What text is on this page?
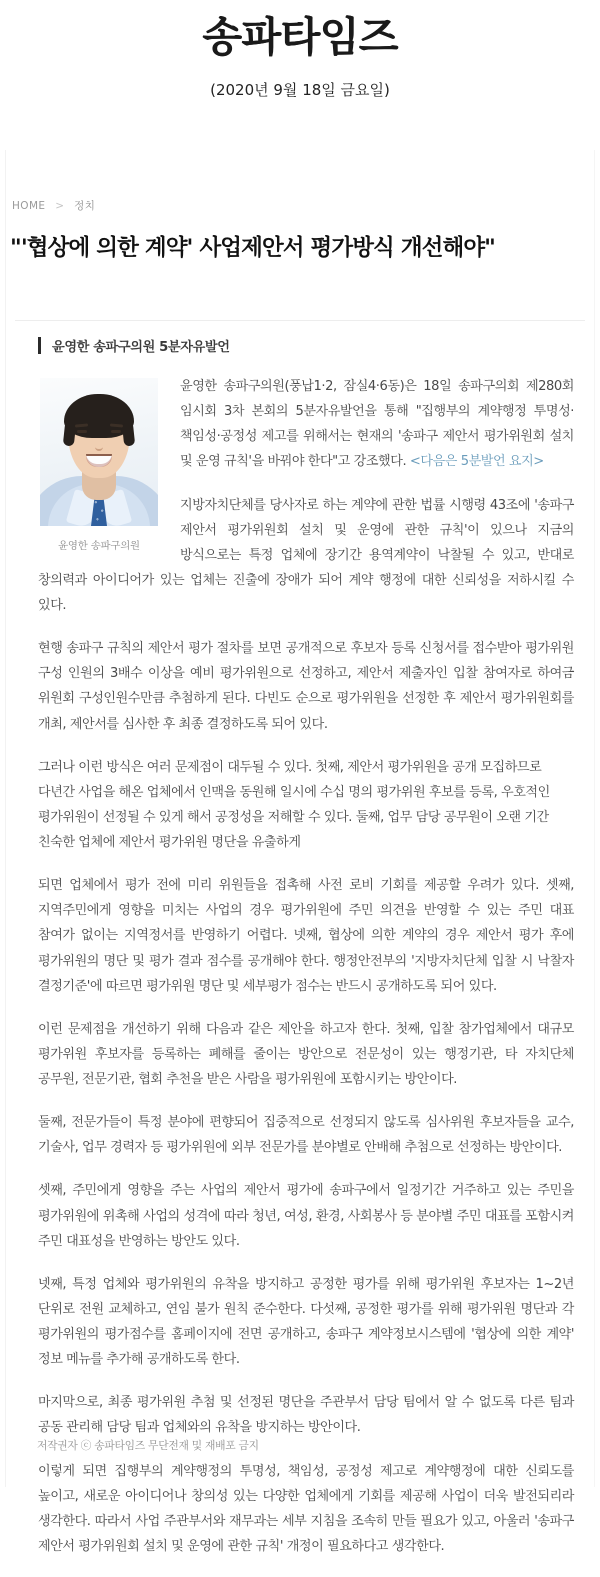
송파타임즈
(2020년 9월 18일 금요일)
HOME > 정치
"'협상에 의한 계약' 사업제안서 평가방식 개선해야"
윤영한 송파구의원 5분자유발언
윤영한 송파구의원

윤영한 송파구의원(풍납1·2, 잠실4·6동)은 18일 송파구의회 제280회 임시회 3차 본회의 5분자유발언을 통해 "집행부의 계약행정 투명성·책임성·공정성 제고를 위해서는 현재의 '송파구 제안서 평가위원회 설치 및 운영 규칙'을 바꿔야 한다"고 강조했다. <다음은 5분발언 요지>

지방자치단체를 당사자로 하는 계약에 관한 법률 시행령 43조에 '송파구 제안서 평가위원회 설치 및 운영에 관한 규칙'이 있으나 지금의 방식으로는 특정 업체에 장기간 용역계약이 낙찰될 수 있고, 반대로 창의력과 아이디어가 있는 업체는 진출에 장애가 되어 계약 행정에 대한 신뢰성을 저하시킬 수 있다.

현행 송파구 규칙의 제안서 평가 절차를 보면 공개적으로 후보자 등록 신청서를 접수받아 평가위원 구성 인원의 3배수 이상을 예비 평가위원으로 선정하고, 제안서 제출자인 입찰 참여자로 하여금 위원회 구성인원수만큼 추첨하게 된다. 다빈도 순으로 평가위원을 선정한 후 제안서 평가위원회를 개최, 제안서를 심사한 후 최종 결정하도록 되어 있다.

그러나 이런 방식은 여러 문제점이 대두될 수 있다. 첫째, 제안서 평가위원을 공개 모집하므로 다년간 사업을 해온 업체에서 인맥을 동원해 일시에 수십 명의 평가위원 후보를 등록, 우호적인 평가위원이 선정될 수 있게 해서 공정성을 저해할 수 있다. 둘째, 업무 담당 공무원이 오랜 기간 친숙한 업체에 제안서 평가위원 명단을 유출하게

되면 업체에서 평가 전에 미리 위원들을 접촉해 사전 로비 기회를 제공할 우려가 있다. 셋째, 지역주민에게 영향을 미치는 사업의 경우 평가위원에 주민 의견을 반영할 수 있는 주민 대표 참여가 없이는 지역정서를 반영하기 어렵다. 넷째, 협상에 의한 계약의 경우 제안서 평가 후에 평가위원의 명단 및 평가 결과 점수를 공개해야 한다. 행정안전부의 '지방자치단체 입찰 시 낙찰자 결정기준'에 따르면 평가위원 명단 및 세부평가 점수는 반드시 공개하도록 되어 있다.

이런 문제점을 개선하기 위해 다음과 같은 제안을 하고자 한다. 첫째, 입찰 참가업체에서 대규모 평가위원 후보자를 등록하는 폐해를 줄이는 방안으로 전문성이 있는 행정기관, 타 자치단체 공무원, 전문기관, 협회 추천을 받은 사람을 평가위원에 포함시키는 방안이다.

둘째, 전문가들이 특정 분야에 편향되어 집중적으로 선정되지 않도록 심사위원 후보자들을 교수, 기술사, 업무 경력자 등 평가위원에 외부 전문가를 분야별로 안배해 추첨으로 선정하는 방안이다.

셋째, 주민에게 영향을 주는 사업의 제안서 평가에 송파구에서 일정기간 거주하고 있는 주민을 평가위원에 위촉해 사업의 성격에 따라 청년, 여성, 환경, 사회봉사 등 분야별 주민 대표를 포함시켜 주민 대표성을 반영하는 방안도 있다.

넷째, 특정 업체와 평가위원의 유착을 방지하고 공정한 평가를 위해 평가위원 후보자는 1~2년 단위로 전원 교체하고, 연임 불가 원칙 준수한다. 다섯째, 공정한 평가를 위해 평가위원 명단과 각 평가위원의 평가점수를 홈페이지에 전면 공개하고, 송파구 계약정보시스템에 '협상에 의한 계약' 정보 메뉴를 추가해 공개하도록 한다.

마지막으로, 최종 평가위원 추첨 및 선정된 명단을 주관부서 담당 팀에서 알 수 없도록 다른 팀과 공동 관리해 담당 팀과 업체와의 유착을 방지하는 방안이다.

이렇게 되면 집행부의 계약행정의 투명성, 책임성, 공정성 제고로 계약행정에 대한 신뢰도를 높이고, 새로운 아이디어나 창의성 있는 다양한 업체에게 기회를 제공해 사업이 더욱 발전되리라 생각한다. 따라서 사업 주관부서와 재무과는 세부 지침을 조속히 만들 필요가 있고, 아울러 '송파구 제안서 평가위원회 설치 및 운영에 관한 규칙' 개정이 필요하다고 생각한다.

저작권자 ⓒ 송파타임즈 무단전재 및 재배포 금지
